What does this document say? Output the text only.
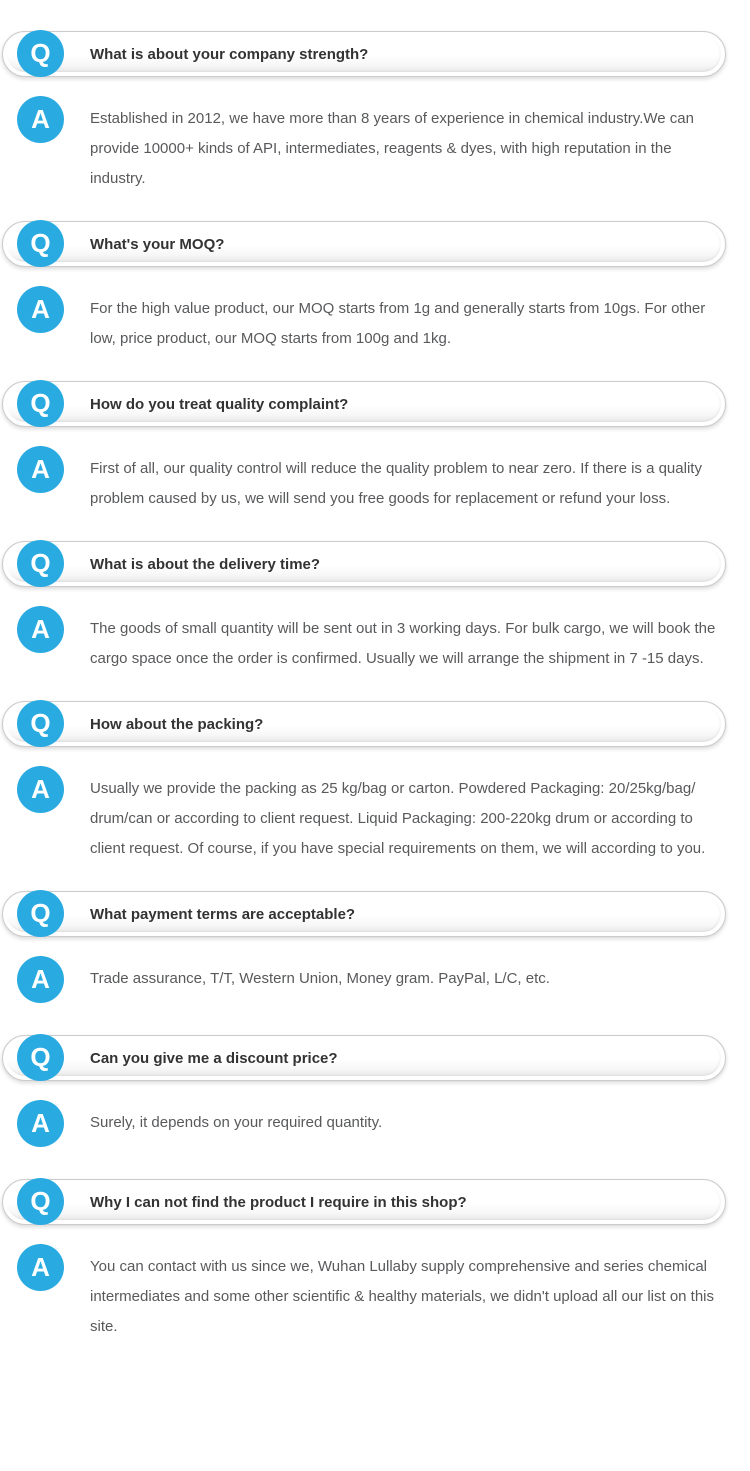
Q	What is about your company strength?
A	Established in 2012, we have more than 8 years of experience in chemical industry.We can provide 10000+ kinds of API, intermediates, reagents & dyes, with high reputation in the industry.

Q	What's your MOQ?
A	For the high value product, our MOQ starts from 1g and generally starts from 10gs. For other low, price product, our MOQ starts from 100g and 1kg.

Q	How do you treat quality complaint?
A	First of all, our quality control will reduce the quality problem to near zero. If there is a quality problem caused by us, we will send you free goods for replacement or refund your loss.

Q	What is about the delivery time?
A	The goods of small quantity will be sent out in 3 working days. For bulk cargo, we will book the cargo space once the order is confirmed. Usually we will arrange the shipment in 7 -15 days.

Q	How about the packing?
A	Usually we provide the packing as 25 kg/bag or carton. Powdered Packaging: 20/25kg/bag/ drum/can or according to client request. Liquid Packaging: 200-220kg drum or according to client request. Of course, if you have special requirements on them, we will according to you.

Q	What payment terms are acceptable?
A	Trade assurance, T/T, Western Union, Money gram. PayPal, L/C, etc.

Q	Can you give me a discount price?
A	Surely, it depends on your required quantity.

Q	Why I can not find the product I require in this shop?
A	You can contact with us since we, Wuhan Lullaby supply comprehensive and series chemical intermediates and some other scientific & healthy materials, we didn't upload all our list on this site.
